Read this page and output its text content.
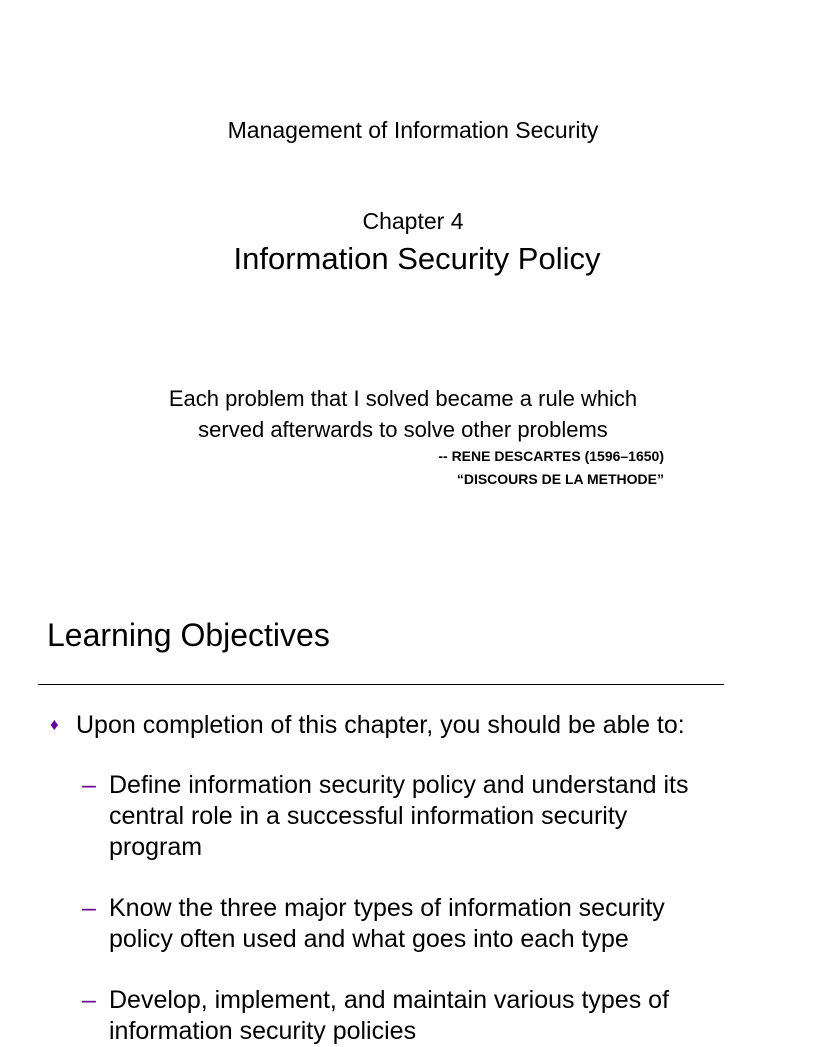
Management of Information Security
Chapter 4
Information Security Policy
Each problem that I solved became a rule which
served afterwards to solve other problems
-- RENE DESCARTES (1596–1650)
“DISCOURS DE LA METHODE”
Learning Objectives
♦ Upon completion of this chapter, you should be able to:
– Define information security policy and understand its central role in a successful information security program
– Know the three major types of information security policy often used and what goes into each type
– Develop, implement, and maintain various types of information security policies
